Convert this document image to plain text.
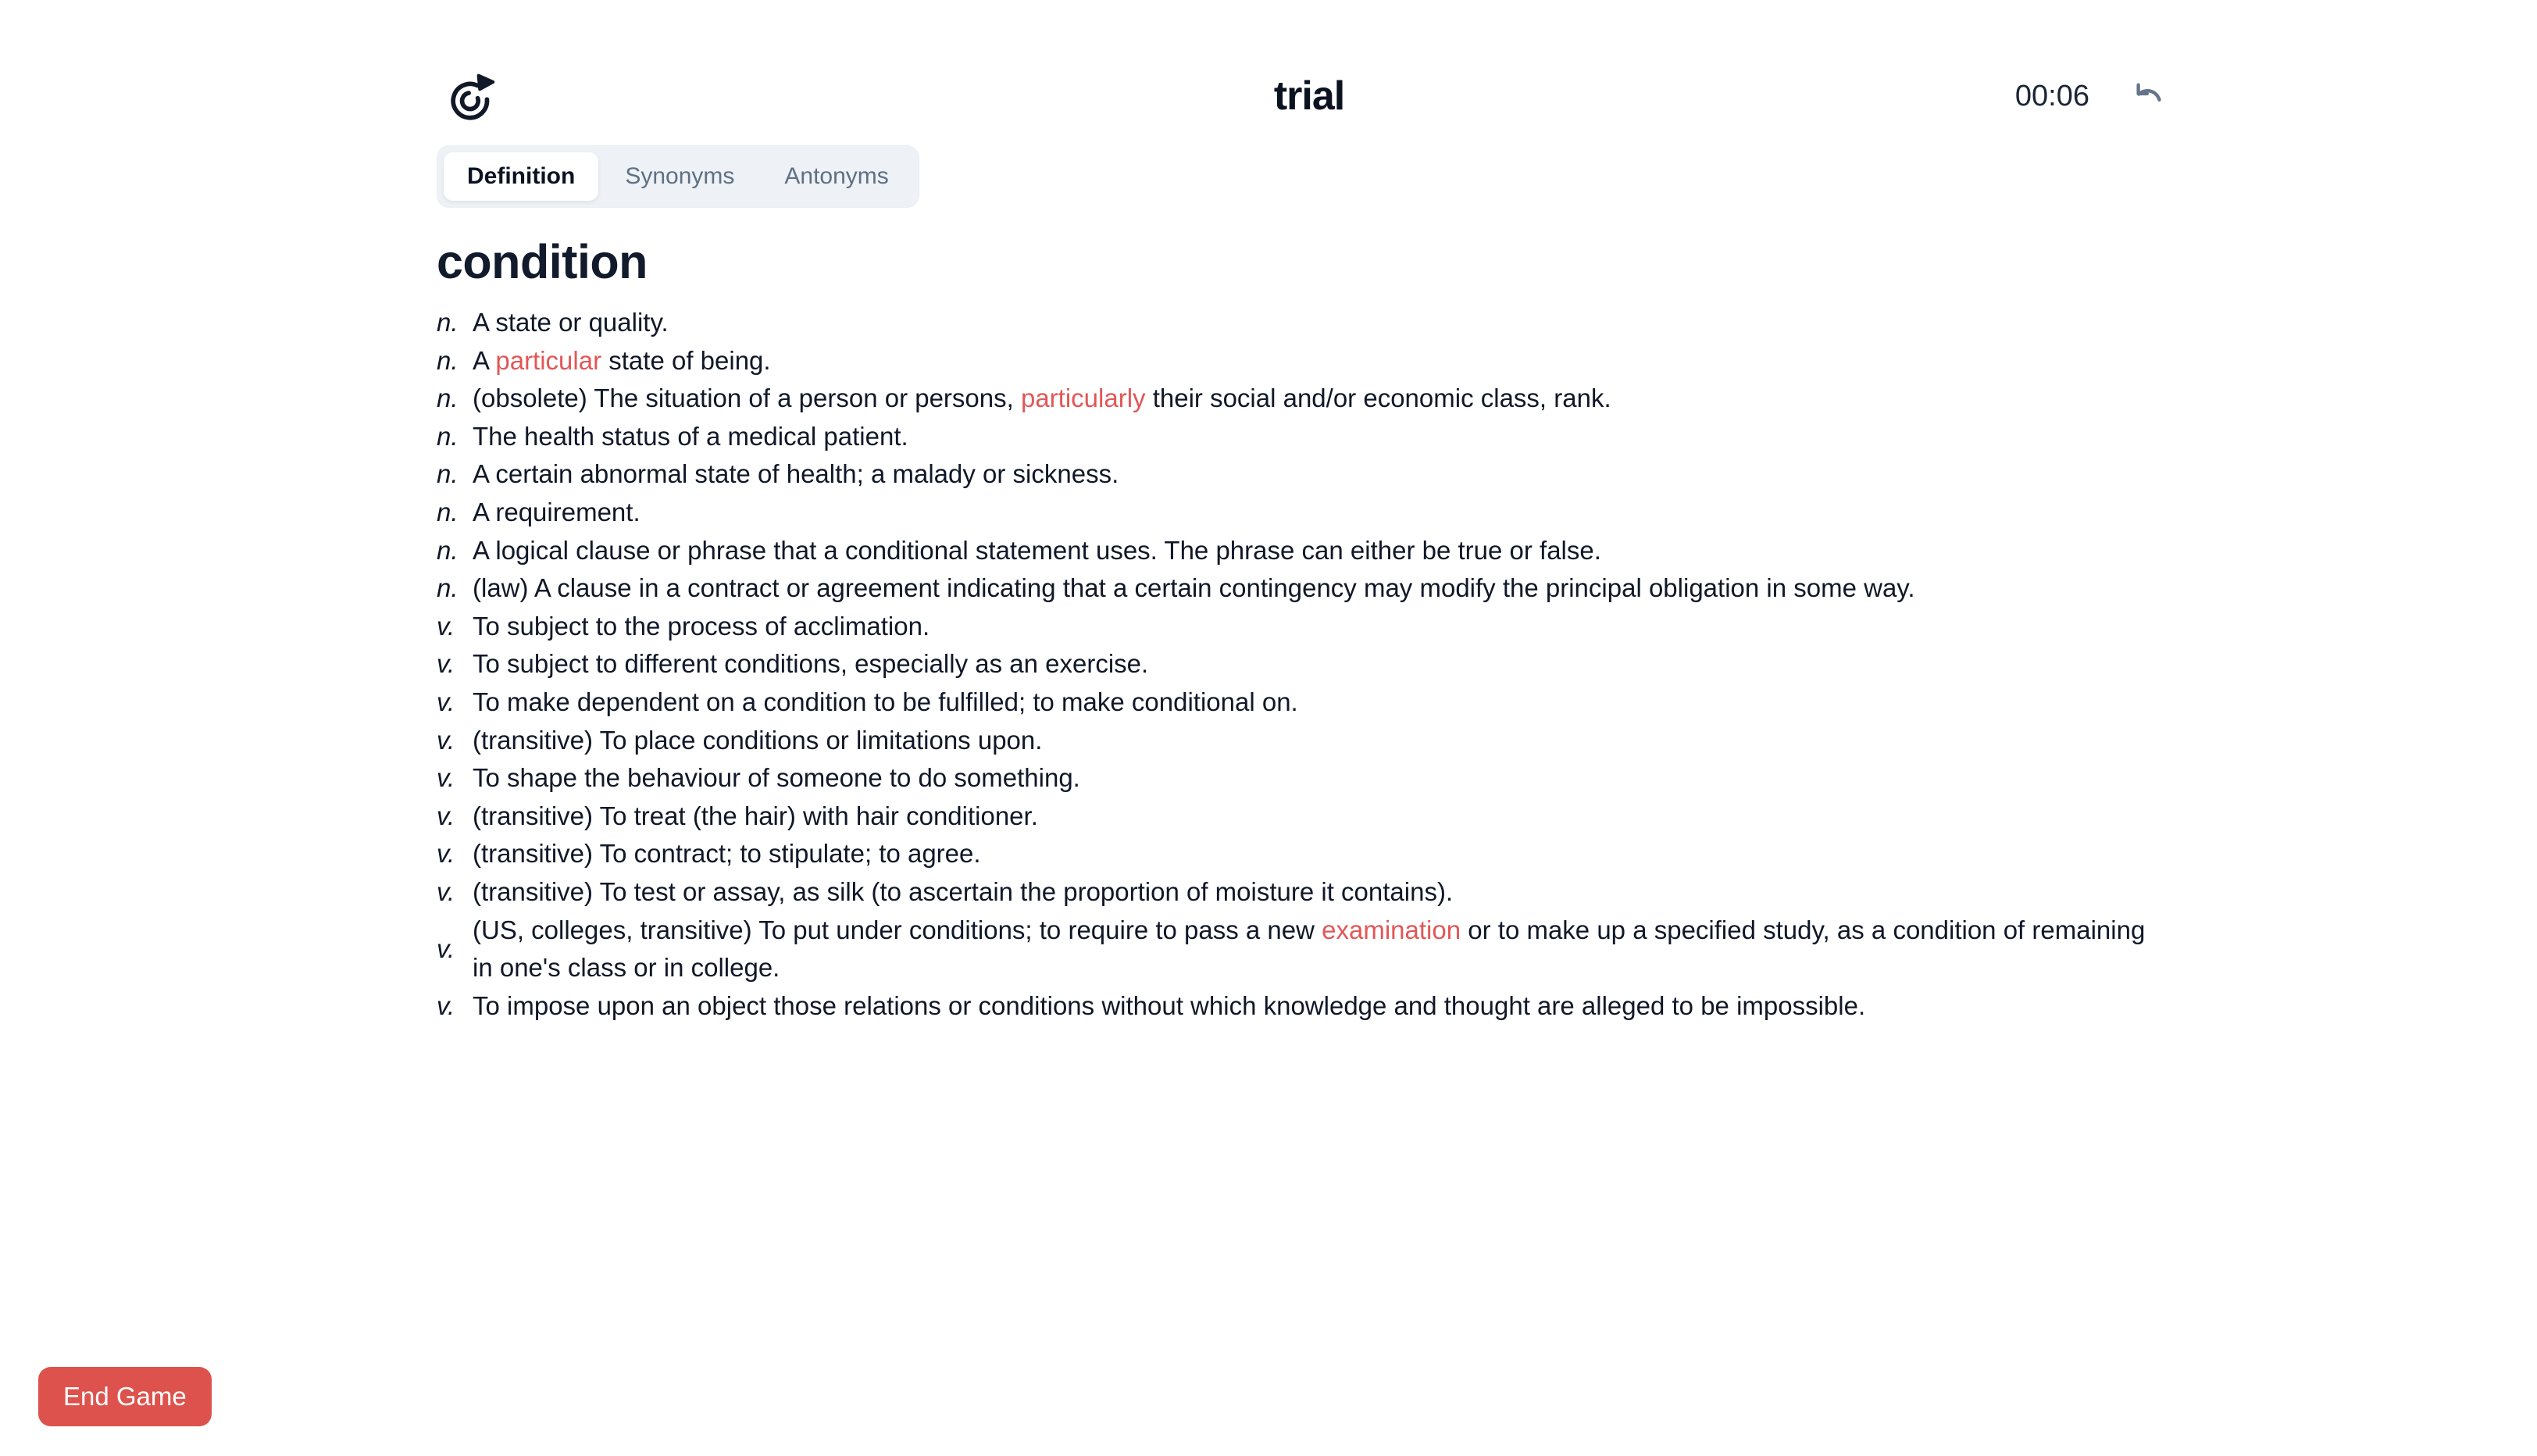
trial	00:06
Definition	Synonyms	Antonyms
condition
n. A state or quality.
n. A particular state of being.
n. (obsolete) The situation of a person or persons, particularly their social and/or economic class, rank.
n. The health status of a medical patient.
n. A certain abnormal state of health; a malady or sickness.
n. A requirement.
n. A logical clause or phrase that a conditional statement uses. The phrase can either be true or false.
n. (law) A clause in a contract or agreement indicating that a certain contingency may modify the principal obligation in some way.
v. To subject to the process of acclimation.
v. To subject to different conditions, especially as an exercise.
v. To make dependent on a condition to be fulfilled; to make conditional on.
v. (transitive) To place conditions or limitations upon.
v. To shape the behaviour of someone to do something.
v. (transitive) To treat (the hair) with hair conditioner.
v. (transitive) To contract; to stipulate; to agree.
v. (transitive) To test or assay, as silk (to ascertain the proportion of moisture it contains).
v.
(US, colleges, transitive) To put under conditions; to require to pass a new examination or to make up a specified study, as a condition of remaining in one's class or in college.
v. To impose upon an object those relations or conditions without which knowledge and thought are alleged to be impossible.
End Game
